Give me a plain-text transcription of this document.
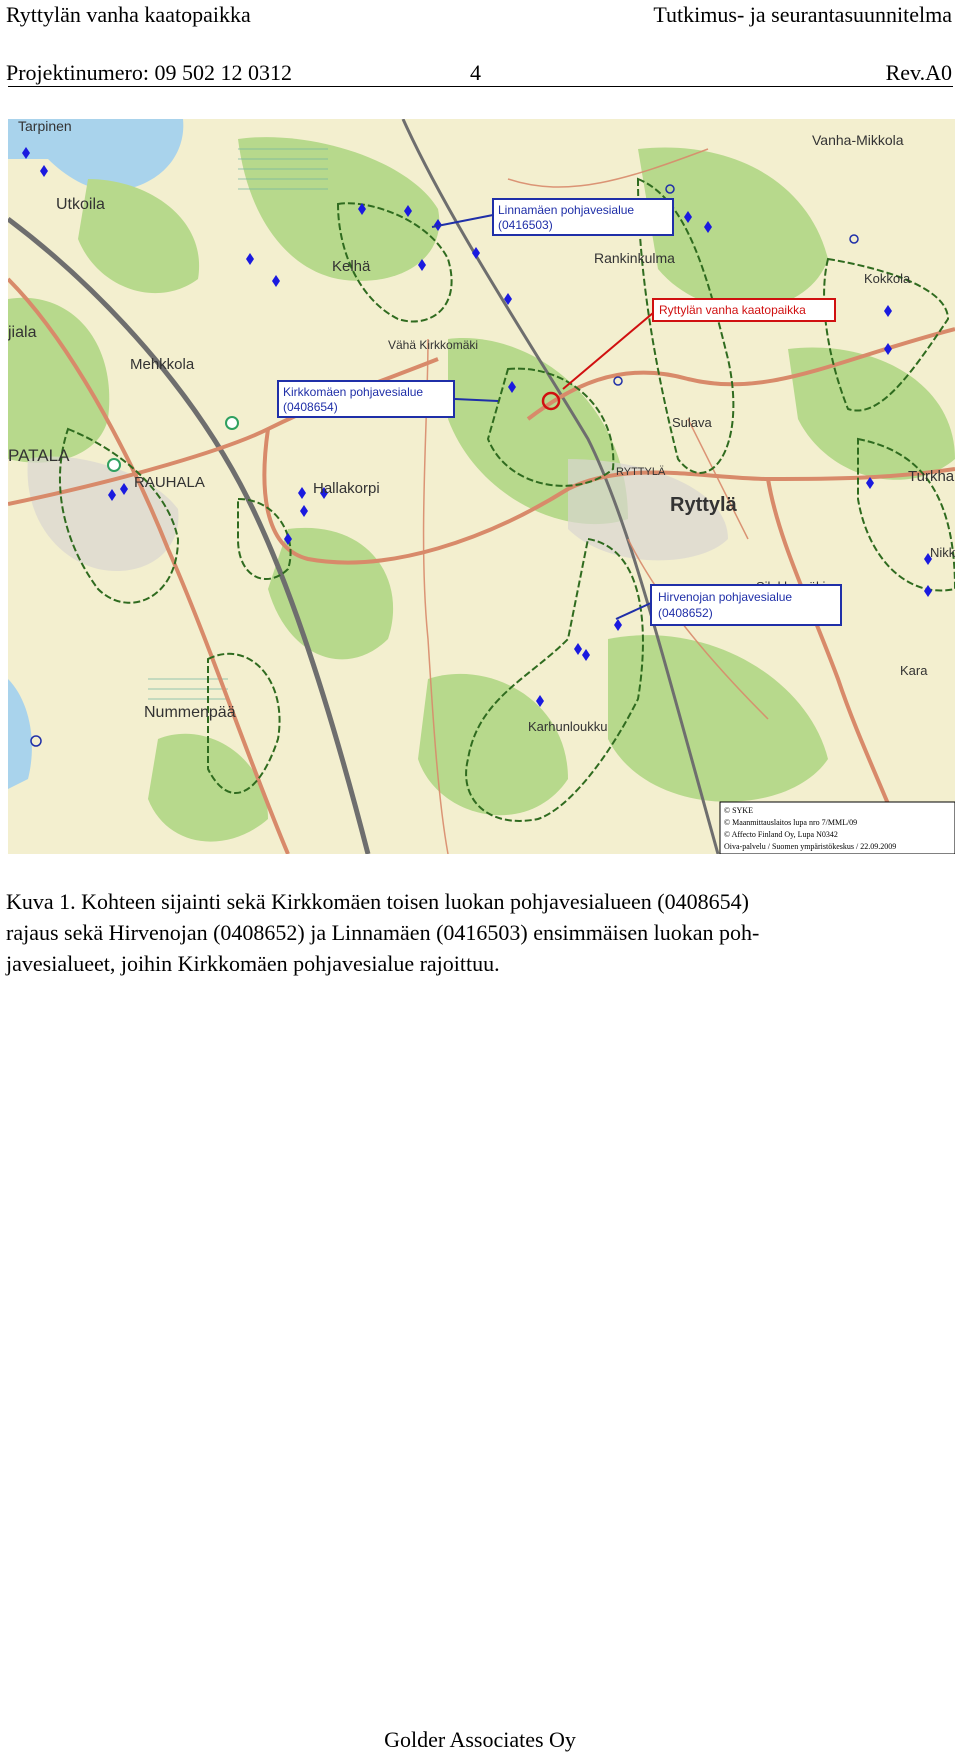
Ryttylän vanha kaatopaikka	Tutkimus- ja seurantasuunnitelma
Projektinumero: 09 502 12 0312	4	Rev.A0
Tarpinen
Utkoila
Kelhä
jiala
Mehkkola
Vähä Kirkkomäki
PATALA
RAUHALA	Hallakorpi
Nummenpää
Vanha-Mikkola
Rankinkulma
Kokkola
Sulava
RYTTYLÄ
Ryttylä
Turkha
Nikk
Kara
Karhunloukku
Linnamäen pohjavesialue
(0416503)
Kirkkomäen pohjavesialue
(0408654)
Hirvenojan pohjavesialue
(0408652)
Ryttylän vanha kaatopaikka
© SYKE
© Maanmittauslaitos lupa nro 7/MML/09
© Affecto Finland Oy, Lupa N0342
Oiva-palvelu / Suomen ympäristökeskus / 22.09.2009
Kuva 1. Kohteen sijainti sekä Kirkkomäen toisen luokan pohjavesialueen (0408654)
rajaus sekä Hirvenojan (0408652) ja Linnamäen (0416503) ensimmäisen luokan poh-
javesialueet, joihin Kirkkomäen pohjavesialue rajoittuu.
Golder Associates Oy
